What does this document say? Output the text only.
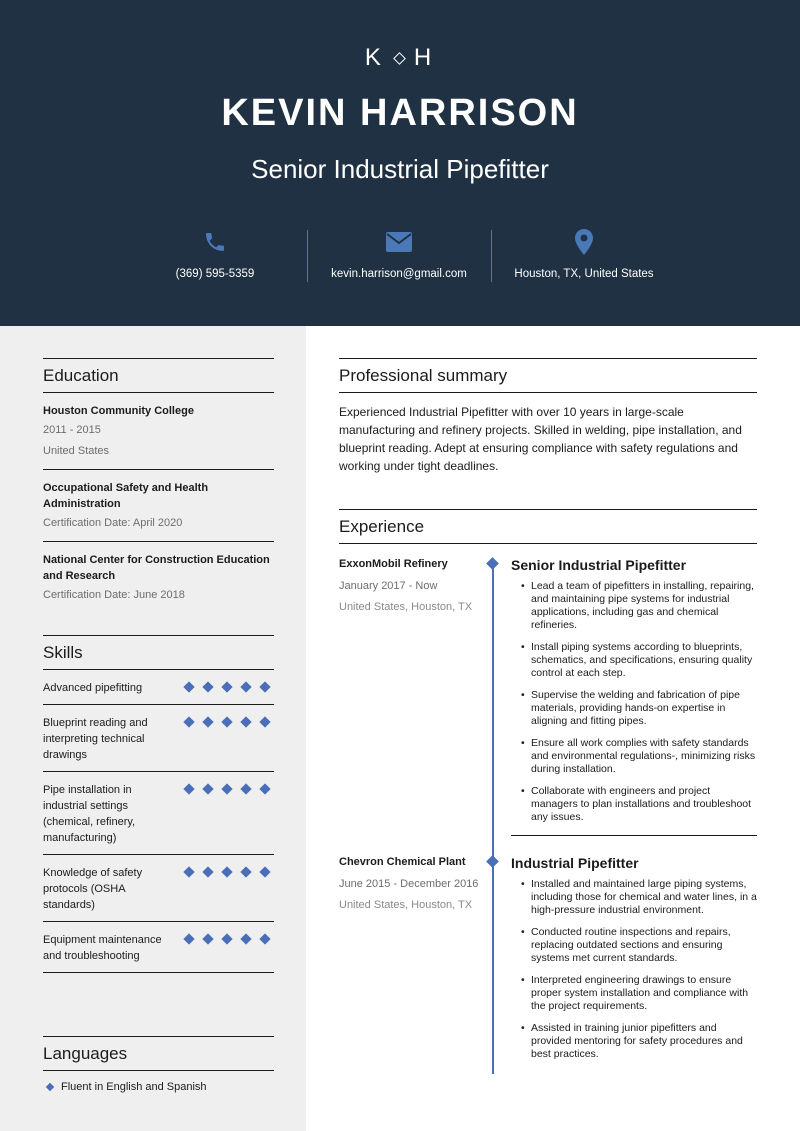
K H
KEVIN HARRISON
Senior Industrial Pipefitter
(369) 595-5359	kevin.harrison@gmail.com	Houston, TX, United States
Education
Houston Community College
2011 - 2015
United States
Occupational Safety and Health Administration
Certification Date: April 2020
National Center for Construction Education and Research
Certification Date: June 2018
Skills
Advanced pipefitting
Blueprint reading and interpreting technical drawings
Pipe installation in industrial settings (chemical, refinery, manufacturing)
Knowledge of safety protocols (OSHA standards)
Equipment maintenance and troubleshooting
Languages
Fluent in English and Spanish
Professional summary
Experienced Industrial Pipefitter with over 10 years in large-scale manufacturing and refinery projects. Skilled in welding, pipe installation, and blueprint reading. Adept at ensuring compliance with safety regulations and working under tight deadlines.
Experience
ExxonMobil Refinery
January 2017 - Now
United States, Houston, TX
Senior Industrial Pipefitter
• Lead a team of pipefitters in installing, repairing, and maintaining pipe systems for industrial applications, including gas and chemical refineries.
• Install piping systems according to blueprints, schematics, and specifications, ensuring quality control at each step.
• Supervise the welding and fabrication of pipe materials, providing hands-on expertise in aligning and fitting pipes.
• Ensure all work complies with safety standards and environmental regulations-, minimizing risks during installation.
• Collaborate with engineers and project managers to plan installations and troubleshoot any issues.
Chevron Chemical Plant
June 2015 - December 2016
United States, Houston, TX
Industrial Pipefitter
• Installed and maintained large piping systems, including those for chemical and water lines, in a high-pressure industrial environment.
• Conducted routine inspections and repairs, replacing outdated sections and ensuring systems met current standards.
• Interpreted engineering drawings to ensure proper system installation and compliance with the project requirements.
• Assisted in training junior pipefitters and provided mentoring for safety procedures and best practices.
